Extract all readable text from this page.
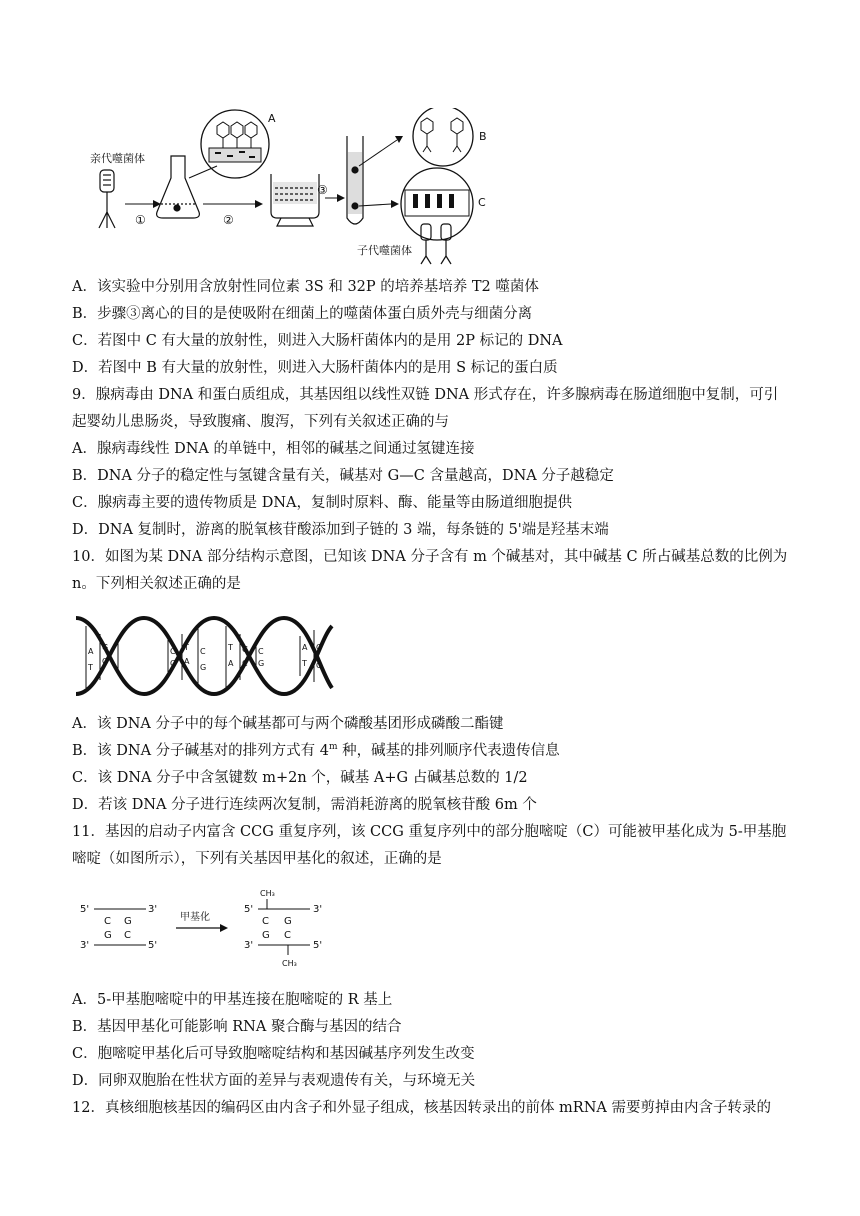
亲代噬菌体
①
A
②
③
B
C
子代噬菌体
A．该实验中分别用含放射性同位素 3S 和 32P 的培养基培养 T2 噬菌体
B．步骤③离心的目的是使吸附在细菌上的噬菌体蛋白质外壳与细菌分离
C．若图中 C 有大量的放射性，则进入大肠杆菌体内的是用 2P 标记的 DNA
D．若图中 B 有大量的放射性，则进入大肠杆菌体内的是用 S 标记的蛋白质
9．腺病毒由 DNA 和蛋白质组成，其基因组以线性双链 DNA 形式存在，许多腺病毒在肠道细胞中复制，可引
起婴幼儿患肠炎，导致腹痛、腹泻，下列有关叙述正确的与
A．腺病毒线性 DNA 的单链中，相邻的碱基之间通过氢键连接
B．DNA 分子的稳定性与氢键含量有关，碱基对 G—C 含量越高，DNA 分子越稳定
C．腺病毒主要的遗传物质是 DNA，复制时原料、酶、能量等由肠道细胞提供
D．DNA 复制时，游离的脱氧核苷酸添加到子链的 3 端，每条链的 5'端是羟基末端
10．如图为某 DNA 部分结构示意图，已知该 DNA 分子含有 m 个碱基对，其中碱基 C 所占碱基总数的比例为
n。下列相关叙述正确的是
A
T
G
C
C
G
T
A
C
G
T
A
G
C
C
G
A
T
C
G
A．该 DNA 分子中的每个碱基都可与两个磷酸基团形成磷酸二酯键
B．该 DNA 分子碱基对的排列方式有 4$^m$ 种，碱基的排列顺序代表遗传信息
C．该 DNA 分子中含氢键数 m+2n 个，碱基 A+G 占碱基总数的 1/2
D．若该 DNA 分子进行连续两次复制，需消耗游离的脱氧核苷酸 6m 个
11．基因的启动子内富含 CCG 重复序列，该 CCG 重复序列中的部分胞嘧啶（C）可能被甲基化成为 5-甲基胞
嘧啶（如图所示），下列有关基因甲基化的叙述，正确的是
5'	3'
C G
G C
3'	5'
甲基化
CH₃
5'	3'
C G
G C
3'	5'
CH₃
A．5-甲基胞嘧啶中的甲基连接在胞嘧啶的 R 基上
B．基因甲基化可能影响 RNA 聚合酶与基因的结合
C．胞嘧啶甲基化后可导致胞嘧啶结构和基因碱基序列发生改变
D．同卵双胞胎在性状方面的差异与表观遗传有关，与环境无关
12．真核细胞核基因的编码区由内含子和外显子组成，核基因转录出的前体 mRNA 需要剪掉由内含子转录的
